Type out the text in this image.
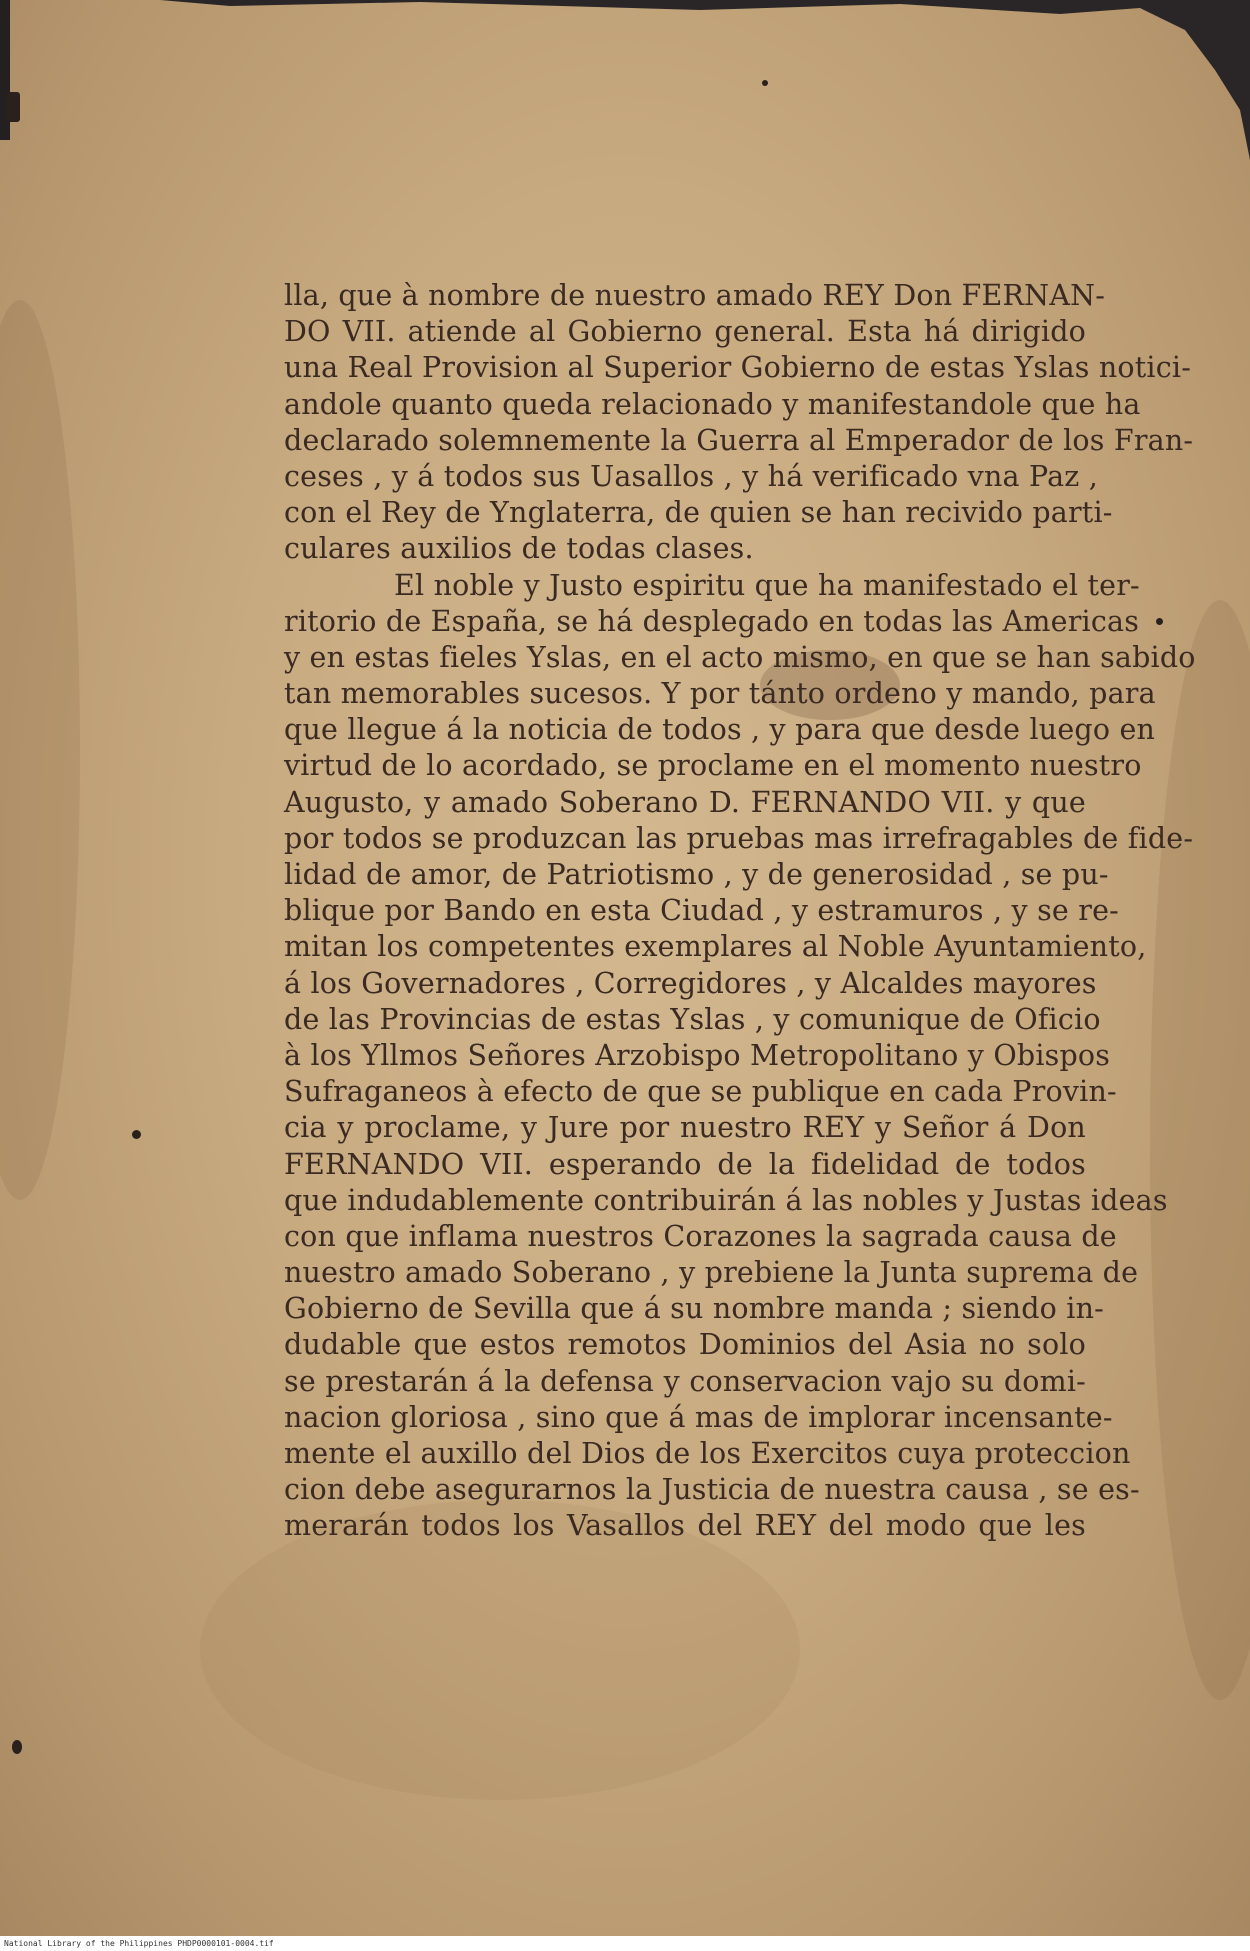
lla, que à nombre de nuestro amado REY Don FERNAN-
DO VII. atiende al Gobierno general. Esta há dirigido
una Real Provision al Superior Gobierno de estas Yslas notici-
andole quanto queda relacionado y manifestandole que ha
declarado solemnemente la Guerra al Emperador de los Fran-
ceses , y á todos sus Uasallos , y há verificado vna Paz ,
con el Rey de Ynglaterra, de quien se han recivido parti-
culares auxilios de todas clases.
El noble y Justo espiritu que ha manifestado el ter-
ritorio de España, se há desplegado en todas las Americas
y en estas fieles Yslas, en el acto mismo, en que se han sabido
tan memorables sucesos. Y por tánto ordeno y mando, para
que llegue á la noticia de todos , y para que desde luego en
virtud de lo acordado, se proclame en el momento nuestro
Augusto, y amado Soberano D. FERNANDO VII. y que
por todos se produzcan las pruebas mas irrefragables de fide-
lidad de amor, de Patriotismo , y de generosidad , se pu-
blique por Bando en esta Ciudad , y estramuros , y se re-
mitan los competentes exemplares al Noble Ayuntamiento,
á los Governadores , Corregidores , y Alcaldes mayores
de las Provincias de estas Yslas , y comunique de Oficio
à los Yllmos Señores Arzobispo Metropolitano y Obispos
Sufraganeos à efecto de que se publique en cada Provin-
cia y proclame, y Jure por nuestro REY y Señor á Don
FERNANDO VII. esperando de la fidelidad de todos
que indudablemente contribuirán á las nobles y Justas ideas
con que inflama nuestros Corazones la sagrada causa de
nuestro amado Soberano , y prebiene la Junta suprema de
Gobierno de Sevilla que á su nombre manda ; siendo in-
dudable que estos remotos Dominios del Asia no solo
se prestarán á la defensa y conservacion vajo su domi-
nacion gloriosa , sino que á mas de implorar incensante-
mente el auxillo del Dios de los Exercitos cuya proteccion
cion debe asegurarnos la Justicia de nuestra causa , se es-
merarán todos los Vasallos del REY del modo que les
National Library of the Philippines PHDP0000101-0004.tif
